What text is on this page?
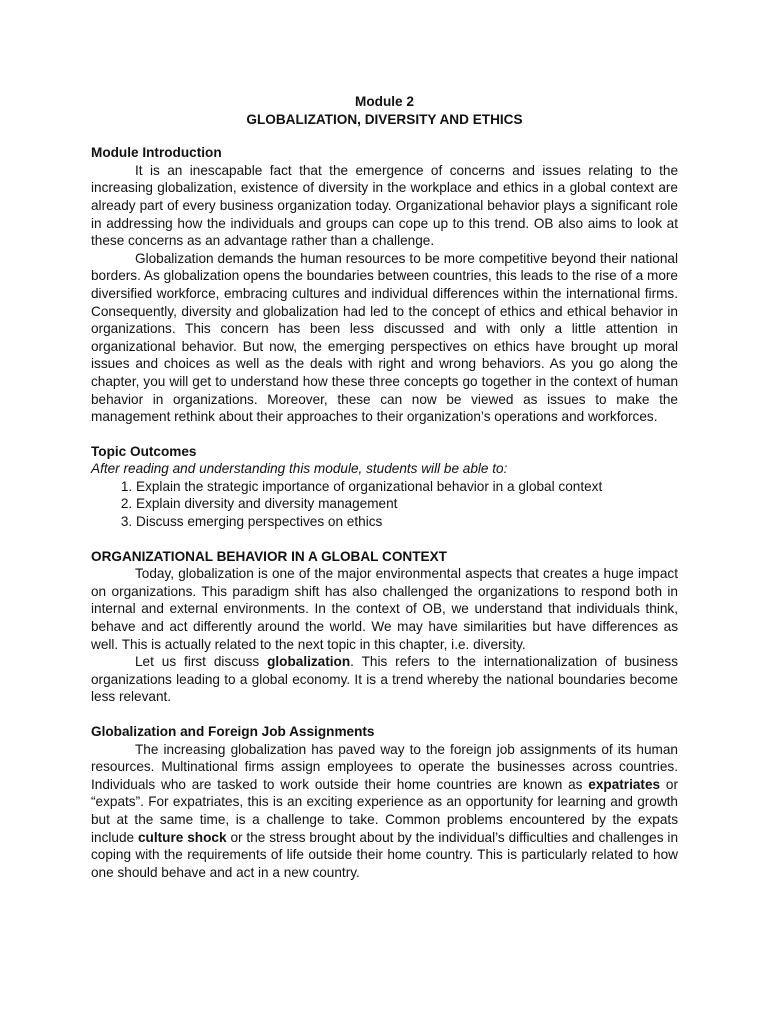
Module 2
GLOBALIZATION, DIVERSITY AND ETHICS
Module Introduction

It is an inescapable fact that the emergence of concerns and issues relating to the increasing globalization, existence of diversity in the workplace and ethics in a global context are already part of every business organization today. Organizational behavior plays a significant role in addressing how the individuals and groups can cope up to this trend. OB also aims to look at these concerns as an advantage rather than a challenge.

Globalization demands the human resources to be more competitive beyond their national borders. As globalization opens the boundaries between countries, this leads to the rise of a more diversified workforce, embracing cultures and individual differences within the international firms. Consequently, diversity and globalization had led to the concept of ethics and ethical behavior in organizations. This concern has been less discussed and with only a little attention in organizational behavior. But now, the emerging perspectives on ethics have brought up moral issues and choices as well as the deals with right and wrong behaviors. As you go along the chapter, you will get to understand how these three concepts go together in the context of human behavior in organizations. Moreover, these can now be viewed as issues to make the management rethink about their approaches to their organization’s operations and workforces.

Topic Outcomes

After reading and understanding this module, students will be able to:

1. Explain the strategic importance of organizational behavior in a global context
2. Explain diversity and diversity management
3. Discuss emerging perspectives on ethics
ORGANIZATIONAL BEHAVIOR IN A GLOBAL CONTEXT

Today, globalization is one of the major environmental aspects that creates a huge impact on organizations. This paradigm shift has also challenged the organizations to respond both in internal and external environments. In the context of OB, we understand that individuals think, behave and act differently around the world. We may have similarities but have differences as well. This is actually related to the next topic in this chapter, i.e. diversity.

Let us first discuss globalization. This refers to the internationalization of business organizations leading to a global economy. It is a trend whereby the national boundaries become less relevant.

Globalization and Foreign Job Assignments

The increasing globalization has paved way to the foreign job assignments of its human resources. Multinational firms assign employees to operate the businesses across countries. Individuals who are tasked to work outside their home countries are known as expatriates or “expats”. For expatriates, this is an exciting experience as an opportunity for learning and growth but at the same time, is a challenge to take. Common problems encountered by the expats include culture shock or the stress brought about by the individual’s difficulties and challenges in coping with the requirements of life outside their home country. This is particularly related to how one should behave and act in a new country.
